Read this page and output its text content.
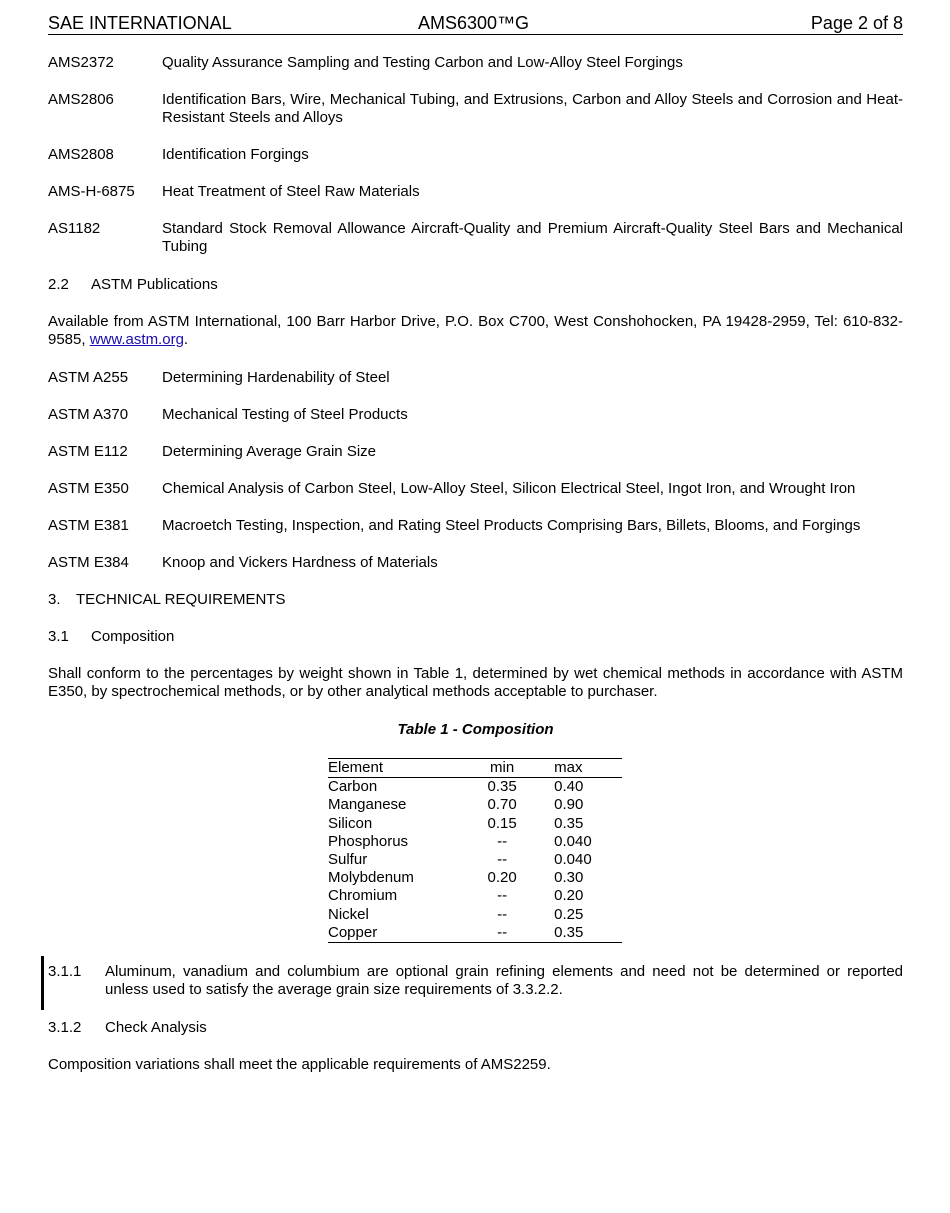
SAE INTERNATIONAL	AMS6300™G	Page 2 of 8
AMS2372	Quality Assurance Sampling and Testing Carbon and Low-Alloy Steel Forgings
AMS2806	Identification Bars, Wire, Mechanical Tubing, and Extrusions, Carbon and Alloy Steels and Corrosion and Heat-Resistant Steels and Alloys
AMS2808	Identification Forgings
AMS-H-6875	Heat Treatment of Steel Raw Materials
AS1182	Standard Stock Removal Allowance Aircraft-Quality and Premium Aircraft-Quality Steel Bars and Mechanical Tubing
2.2 ASTM Publications
Available from ASTM International, 100 Barr Harbor Drive, P.O. Box C700, West Conshohocken, PA 19428-2959, Tel: 610-832-9585, www.astm.org.
ASTM A255	Determining Hardenability of Steel
ASTM A370	Mechanical Testing of Steel Products
ASTM E112	Determining Average Grain Size
ASTM E350	Chemical Analysis of Carbon Steel, Low-Alloy Steel, Silicon Electrical Steel, Ingot Iron, and Wrought Iron
ASTM E381	Macroetch Testing, Inspection, and Rating Steel Products Comprising Bars, Billets, Blooms, and Forgings
ASTM E384	Knoop and Vickers Hardness of Materials
3. TECHNICAL REQUIREMENTS
3.1 Composition
Shall conform to the percentages by weight shown in Table 1, determined by wet chemical methods in accordance with ASTM E350, by spectrochemical methods, or by other analytical methods acceptable to purchaser.
Table 1 - Composition
Element	min	max
Carbon	0.35	0.40
Manganese	0.70	0.90
Silicon	0.15	0.35
Phosphorus	--	0.040
Sulfur	--	0.040
Molybdenum	0.20	0.30
Chromium	--	0.20
Nickel	--	0.25
Copper	--	0.35
3.1.1 Aluminum, vanadium and columbium are optional grain refining elements and need not be determined or reported unless used to satisfy the average grain size requirements of 3.3.2.2.
3.1.2 Check Analysis
Composition variations shall meet the applicable requirements of AMS2259.
